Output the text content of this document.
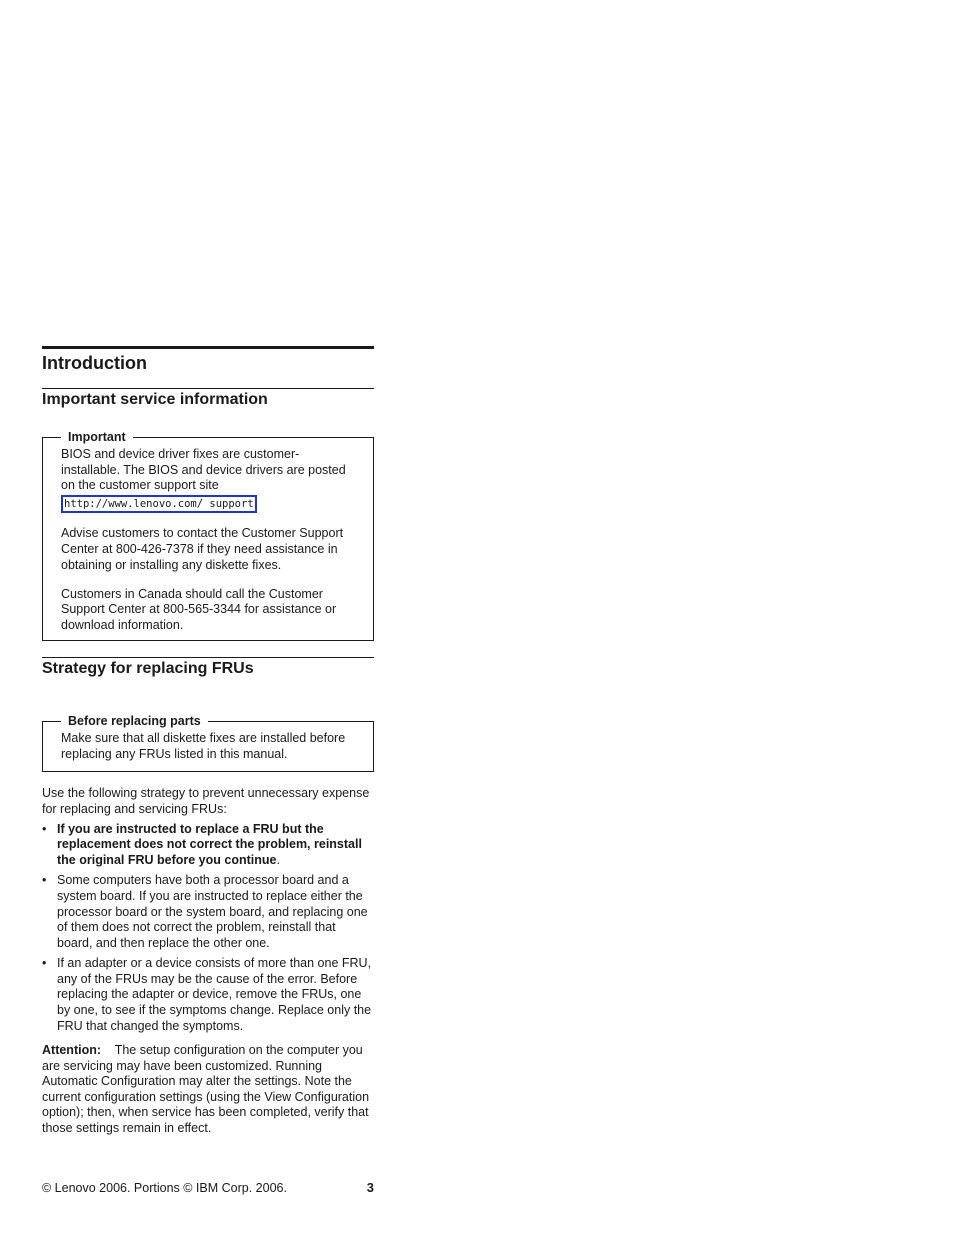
Introduction
Important service information
Important

BIOS and device driver fixes are customer-installable. The BIOS and device drivers are posted on the customer support site
http://www.lenovo.com/ support

Advise customers to contact the Customer Support Center at 800-426-7378 if they need assistance in obtaining or installing any diskette fixes.

Customers in Canada should call the Customer Support Center at 800-565-3344 for assistance or download information.

Strategy for replacing FRUs
Before replacing parts

Make sure that all diskette fixes are installed before replacing any FRUs listed in this manual.

Use the following strategy to prevent unnecessary expense for replacing and servicing FRUs:

• If you are instructed to replace a FRU but the replacement does not correct the problem, reinstall the original FRU before you continue.
• Some computers have both a processor board and a system board. If you are instructed to replace either the processor board or the system board, and replacing one of them does not correct the problem, reinstall that board, and then replace the other one.
• If an adapter or a device consists of more than one FRU, any of the FRUs may be the cause of the error. Before replacing the adapter or device, remove the FRUs, one by one, to see if the symptoms change. Replace only the FRU that changed the symptoms.

Attention: The setup configuration on the computer you are servicing may have been customized. Running Automatic Configuration may alter the settings. Note the current configuration settings (using the View Configuration option); then, when service has been completed, verify that those settings remain in effect.

© Lenovo 2006. Portions © IBM Corp. 2006.	3
